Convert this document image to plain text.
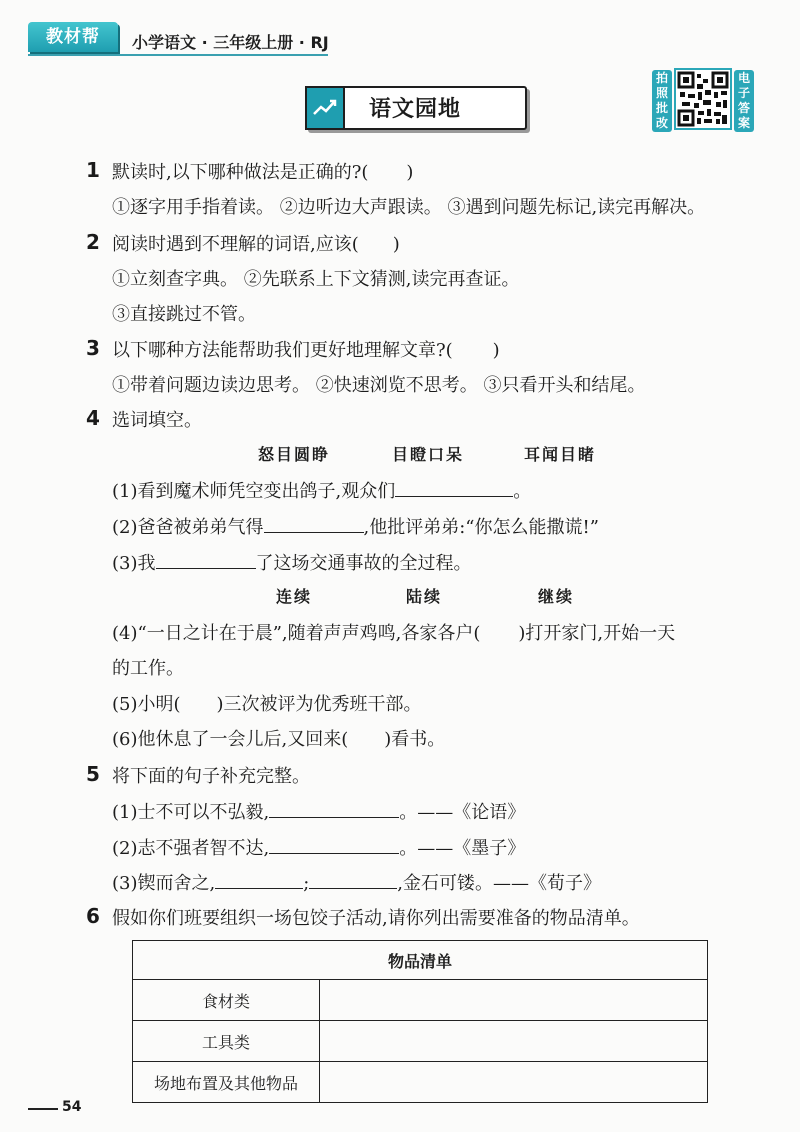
教材帮	小学语文 · 三年级上册 · RJ
语文园地
拍照批改
电子答案
1 默读时,以下哪种做法是正确的?( )
①逐字用手指着读。 ②边听边大声跟读。 ③遇到问题先标记,读完再解决。
2 阅读时遇到不理解的词语,应该( )
①立刻查字典。 ②先联系上下文猜测,读完再查证。
③直接跳过不管。
3 以下哪种方法能帮助我们更好地理解文章?( )
①带着问题边读边思考。 ②快速浏览不思考。 ③只看开头和结尾。
4 选词填空。
怒目圆睁	目瞪口呆	耳闻目睹
(1)看到魔术师凭空变出鸽子,观众们	。
(2)爸爸被弟弟气得	,他批评弟弟:“你怎么能撒谎!”
(3)我	了这场交通事故的全过程。
连续	陆续	继续
(4)“一日之计在于晨”,随着声声鸡鸣,各家各户( )打开家门,开始一天
的工作。
(5)小明( )三次被评为优秀班干部。
(6)他休息了一会儿后,又回来( )看书。
5 将下面的句子补充完整。
(1)士不可以不弘毅,	。——《论语》
(2)志不强者智不达,	。——《墨子》
(3)锲而舍之,	;	,金石可镂。——《荀子》
6 假如你们班要组织一场包饺子活动,请你列出需要准备的物品清单。
物品清单	
食材类	
工具类	
场地布置及其他物品	
54
